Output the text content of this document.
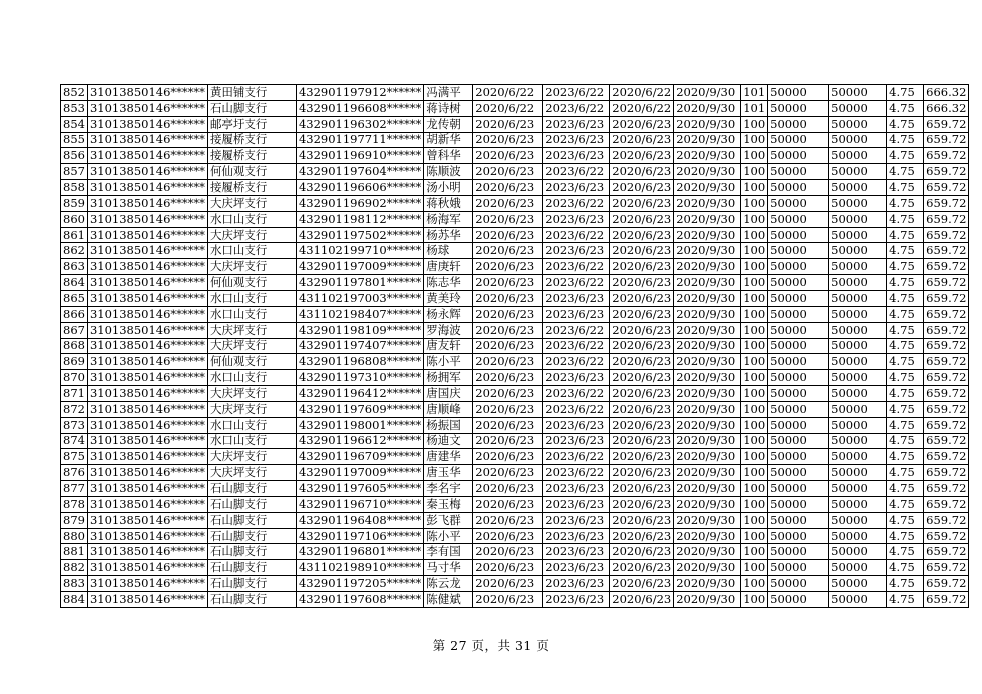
852	31013850146******	黄田铺支行	432901197912******	冯满平	2020/6/22	2023/6/22	2020/6/22	2020/9/30	101	50000	50000	4.75	666.32
853	31013850146******	石山脚支行	432901196608******	蒋诗树	2020/6/22	2023/6/22	2020/6/22	2020/9/30	101	50000	50000	4.75	666.32
854	31013850146******	邮亭圩支行	432901196302******	龙传朝	2020/6/23	2023/6/23	2020/6/23	2020/9/30	100	50000	50000	4.75	659.72
855	31013850146******	接履桥支行	432901197711******	胡新华	2020/6/23	2023/6/23	2020/6/23	2020/9/30	100	50000	50000	4.75	659.72
856	31013850146******	接履桥支行	432901196910******	曾科华	2020/6/23	2023/6/23	2020/6/23	2020/9/30	100	50000	50000	4.75	659.72
857	31013850146******	何仙观支行	432901197604******	陈顺波	2020/6/23	2023/6/22	2020/6/23	2020/9/30	100	50000	50000	4.75	659.72
858	31013850146******	接履桥支行	432901196606******	汤小明	2020/6/23	2023/6/23	2020/6/23	2020/9/30	100	50000	50000	4.75	659.72
859	31013850146******	大庆坪支行	432901196902******	蒋秋娥	2020/6/23	2023/6/22	2020/6/23	2020/9/30	100	50000	50000	4.75	659.72
860	31013850146******	水口山支行	432901198112******	杨海军	2020/6/23	2023/6/23	2020/6/23	2020/9/30	100	50000	50000	4.75	659.72
861	31013850146******	大庆坪支行	432901197502******	杨苏华	2020/6/23	2023/6/22	2020/6/23	2020/9/30	100	50000	50000	4.75	659.72
862	31013850146******	水口山支行	431102199710******	杨球	2020/6/23	2023/6/23	2020/6/23	2020/9/30	100	50000	50000	4.75	659.72
863	31013850146******	大庆坪支行	432901197009******	唐庚轩	2020/6/23	2023/6/22	2020/6/23	2020/9/30	100	50000	50000	4.75	659.72
864	31013850146******	何仙观支行	432901197801******	陈志华	2020/6/23	2023/6/22	2020/6/23	2020/9/30	100	50000	50000	4.75	659.72
865	31013850146******	水口山支行	431102197003******	黄美玲	2020/6/23	2023/6/23	2020/6/23	2020/9/30	100	50000	50000	4.75	659.72
866	31013850146******	水口山支行	431102198407******	杨永辉	2020/6/23	2023/6/23	2020/6/23	2020/9/30	100	50000	50000	4.75	659.72
867	31013850146******	大庆坪支行	432901198109******	罗海波	2020/6/23	2023/6/22	2020/6/23	2020/9/30	100	50000	50000	4.75	659.72
868	31013850146******	大庆坪支行	432901197407******	唐友轩	2020/6/23	2023/6/22	2020/6/23	2020/9/30	100	50000	50000	4.75	659.72
869	31013850146******	何仙观支行	432901196808******	陈小平	2020/6/23	2023/6/22	2020/6/23	2020/9/30	100	50000	50000	4.75	659.72
870	31013850146******	水口山支行	432901197310******	杨拥军	2020/6/23	2023/6/23	2020/6/23	2020/9/30	100	50000	50000	4.75	659.72
871	31013850146******	大庆坪支行	432901196412******	唐国庆	2020/6/23	2023/6/22	2020/6/23	2020/9/30	100	50000	50000	4.75	659.72
872	31013850146******	大庆坪支行	432901197609******	唐顺峰	2020/6/23	2023/6/22	2020/6/23	2020/9/30	100	50000	50000	4.75	659.72
873	31013850146******	水口山支行	432901198001******	杨振国	2020/6/23	2023/6/23	2020/6/23	2020/9/30	100	50000	50000	4.75	659.72
874	31013850146******	水口山支行	432901196612******	杨迪文	2020/6/23	2023/6/23	2020/6/23	2020/9/30	100	50000	50000	4.75	659.72
875	31013850146******	大庆坪支行	432901196709******	唐建华	2020/6/23	2023/6/22	2020/6/23	2020/9/30	100	50000	50000	4.75	659.72
876	31013850146******	大庆坪支行	432901197009******	唐玉华	2020/6/23	2023/6/22	2020/6/23	2020/9/30	100	50000	50000	4.75	659.72
877	31013850146******	石山脚支行	432901197605******	李名宇	2020/6/23	2023/6/23	2020/6/23	2020/9/30	100	50000	50000	4.75	659.72
878	31013850146******	石山脚支行	432901196710******	秦玉梅	2020/6/23	2023/6/23	2020/6/23	2020/9/30	100	50000	50000	4.75	659.72
879	31013850146******	石山脚支行	432901196408******	彭飞群	2020/6/23	2023/6/23	2020/6/23	2020/9/30	100	50000	50000	4.75	659.72
880	31013850146******	石山脚支行	432901197106******	陈小平	2020/6/23	2023/6/23	2020/6/23	2020/9/30	100	50000	50000	4.75	659.72
881	31013850146******	石山脚支行	432901196801******	李有国	2020/6/23	2023/6/23	2020/6/23	2020/9/30	100	50000	50000	4.75	659.72
882	31013850146******	石山脚支行	431102198910******	马寸华	2020/6/23	2023/6/23	2020/6/23	2020/9/30	100	50000	50000	4.75	659.72
883	31013850146******	石山脚支行	432901197205******	陈云龙	2020/6/23	2023/6/23	2020/6/23	2020/9/30	100	50000	50000	4.75	659.72
884	31013850146******	石山脚支行	432901197608******	陈健斌	2020/6/23	2023/6/23	2020/6/23	2020/9/30	100	50000	50000	4.75	659.72
第 27 页，共 31 页
